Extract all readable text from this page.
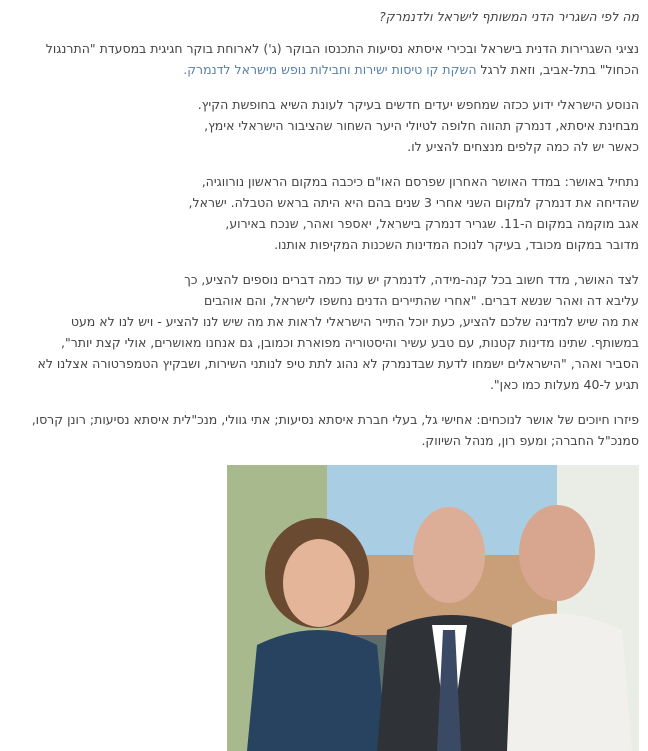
מה לפי השגריר הדני המשותף לישראל ולדנמרק?

נציגי השגרירות הדנית בישראל ובכירי איסתא נסיעות התכנסו הבוקר (ג') לארוחת בוקר חגיגית במסעדת "התרנגול

הכחול" בתל-אביב, וזאת לרגל השקת קו טיסות ישירות וחבילות נופש מישראל לדנמרק.

הנוסע הישראלי ידוע ככזה שמחפש יעדים חדשים בעיקר לעונת השיא בחופשת הקיץ.

מבחינת איסתא, דנמרק תהווה חלופה לטיולי היער השחור שהציבור הישראלי אימץ,

כאשר יש לה כמה קלפים מנצחים להציע לו.

נתחיל באושר: במדד האושר האחרון שפרסם האו"ם כיכבה במקום הראשון נורווגיה,

שהדיחה את דנמרק למקום השני אחרי 3 שנים בהם היא היתה בראש הטבלה. ישראל,

אגב מוקמה במקום ה-11. שגריר דנמרק בישראל, יאספר ואהר, שנכח באירוע,

מדובר במקום מכובד, בעיקר לנוכח המדינות השכנות המקיפות אותנו.

לצד האושר, מדד חשוב בכל קנה-מידה, לדנמרק יש עוד כמה דברים נוספים להציע, כך

עליבא דה ואהר שנשא דברים. "אחרי שהתיירים הדנים נחשפו לישראל, והם אוהבים

את מה שיש למדינה שלכם להציע, כעת יוכל התייר הישראלי לראות את מה שיש לנו להציע - ויש לנו לא מעט

במשותף. שתינו מדינות קטנות, עם טבע עשיר והיסטוריה מפוארת וכמובן, גם אנחנו מאושרים, אולי קצת יותר",

הסביר ואהר, "הישראלים ישמחו לדעת שבדנמרק לא נהוג לתת טיפ לנותני השירות, ושבקיץ הטמפרטורה אצלנו לא

תגיע ל-40 מעלות כמו כאן".

פיזרו חיוכים של אושר לנוכחים: אחישי גל, בעלי חברת איסתא נסיעות; אתי גוולי, מנכ"לית איסתא נסיעות; רונן קרסו,

סמנכ"ל החברה; ומעפ רון, מנהל השיווק.
